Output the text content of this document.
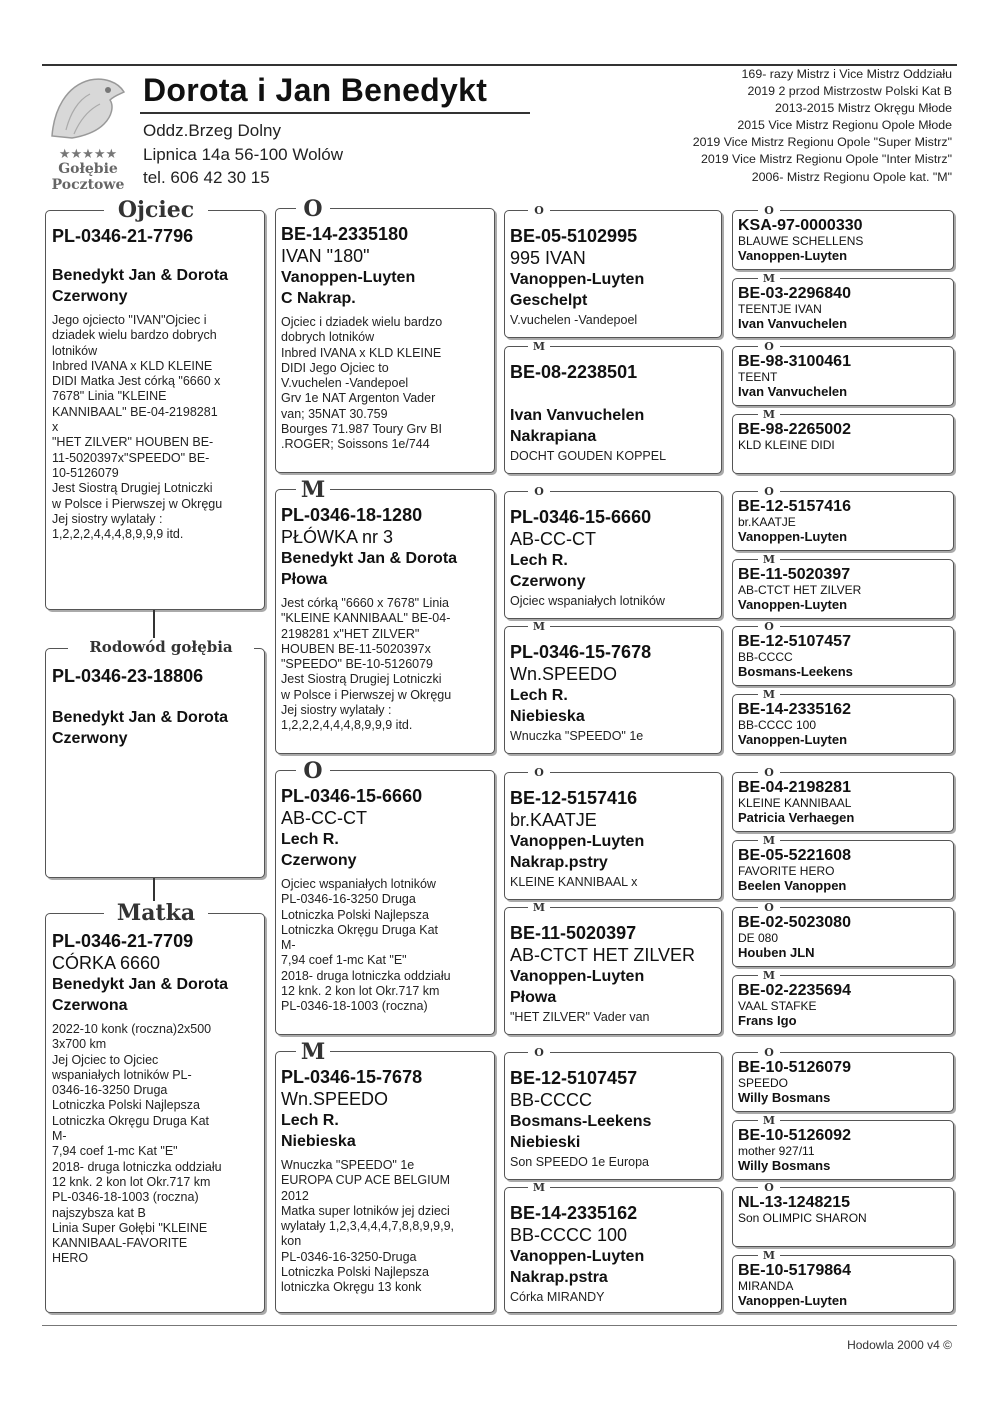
★★★★★
Gołębie
Pocztowe
Dorota i Jan Benedykt
Oddz.Brzeg Dolny
Lipnica 14a 56-100 Wolów
tel. 606 42 30 15
169- razy Mistrz i Vice Mistrz Oddziału
2019 2 przod Mistrzostw Polski Kat B
2013-2015 Mistrz Okręgu Młode
2015 Vice Mistrz Regionu Opole Młode
2019 Vice Mistrz Regionu Opole "Super Mistrz"
2019 Vice Mistrz Regionu Opole "Inter Mistrz"
2006- Mistrz Regionu Opole kat. "M"
PL-0346-21-7796
Benedykt Jan & Dorota
Czerwony

Jego ojciecto "IVAN"Ojciec i

dziadek wielu bardzo dobrych

lotników

Inbred IVANA x KLD KLEINE

DIDI Matka Jest córką "6660 x

7678" Linia "KLEINE

KANNIBAAL" BE-04-2198281

x

"HET ZILVER" HOUBEN BE-

11-5020397x"SPEEDO" BE-

10-5126079

Jest Siostrą Drugiej Lotniczki

w Polsce i Pierwszej w Okręgu

Jej siostry wylatały :

1,2,2,2,4,4,4,8,9,9,9 itd.

Ojciec
PL-0346-23-18806
Benedykt Jan & Dorota
Czerwony
Rodowód gołębia
PL-0346-21-7709
CÓRKA 6660
Benedykt Jan & Dorota
Czerwona

2022-10 konk (roczna)2x500

3x700 km

Jej Ojciec to Ojciec

wspaniałych lotników PL-

0346-16-3250 Druga

Lotniczka Polski Najlepsza

Lotniczka Okręgu Druga Kat

M-

7,94 coef 1-mc Kat "E"

2018- druga lotniczka oddziału

12 knk. 2 kon lot Okr.717 km

PL-0346-18-1003 (roczna)

najszybsza kat B

Linia Super Gołębi "KLEINE

KANNIBAAL-FAVORITE

HERO

Matka
BE-14-2335180
IVAN "180"
Vanoppen-Luyten
C Nakrap.

Ojciec i dziadek wielu bardzo

dobrych lotników

Inbred IVANA x KLD KLEINE

DIDI Jego Ojciec to

V.vuchelen -Vandepoel

Grv 1e NAT Argenton Vader

van; 35NAT 30.759

Bourges 71.987 Toury Grv BI

.ROGER; Soissons 1e/744

O
PL-0346-18-1280
PŁÓWKA nr 3
Benedykt Jan & Dorota
Płowa

Jest córką "6660 x 7678" Linia

"KLEINE KANNIBAAL" BE-04-

2198281 x"HET ZILVER"

HOUBEN BE-11-5020397x

"SPEEDO" BE-10-5126079

Jest Siostrą Drugiej Lotniczki

w Polsce i Pierwszej w Okręgu

Jej siostry wylatały :

1,2,2,2,4,4,4,8,9,9,9 itd.

M
PL-0346-15-6660
AB-CC-CT
Lech R.
Czerwony

Ojciec wspaniałych lotników

PL-0346-16-3250 Druga

Lotniczka Polski Najlepsza

Lotniczka Okręgu Druga Kat

M-

7,94 coef 1-mc Kat "E"

2018- druga lotniczka oddziału

12 knk. 2 kon lot Okr.717 km

PL-0346-18-1003 (roczna)

O
PL-0346-15-7678
Wn.SPEEDO
Lech R.
Niebieska

Wnuczka "SPEEDO" 1e

EUROPA CUP ACE BELGIUM

2012

Matka super lotników jej dzieci

wylatały 1,2,3,4,4,4,7,8,8,9,9,9,

kon

PL-0346-16-3250-Druga

Lotniczka Polski Najlepsza

lotniczka Okręgu 13 konk

M
BE-05-5102995
995 IVAN
Vanoppen-Luyten
Geschelpt
V.vuchelen -Vandepoel
O
BE-08-2238501
Ivan Vanvuchelen
Nakrapiana
DOCHT GOUDEN KOPPEL
M
PL-0346-15-6660
AB-CC-CT
Lech R.
Czerwony
Ojciec wspaniałych lotników
O
PL-0346-15-7678
Wn.SPEEDO
Lech R.
Niebieska
Wnuczka "SPEEDO" 1e
M
BE-12-5157416
br.KAATJE
Vanoppen-Luyten
Nakrap.pstry
KLEINE KANNIBAAL x
O
BE-11-5020397
AB-CTCT HET ZILVER
Vanoppen-Luyten
Płowa
"HET ZILVER" Vader van
M
BE-12-5107457
BB-CCCC
Bosmans-Leekens
Niebieski
Son SPEEDO 1e Europa
O
BE-14-2335162
BB-CCCC 100
Vanoppen-Luyten
Nakrap.pstra
Córka MIRANDY
M
KSA-97-0000330
BLAUWE SCHELLENS
Vanoppen-Luyten
O
BE-03-2296840
TEENTJE IVAN
Ivan Vanvuchelen
M
BE-98-3100461
TEENT
Ivan Vanvuchelen
O
BE-98-2265002
KLD KLEINE DIDI
M
BE-12-5157416
br.KAATJE
Vanoppen-Luyten
O
BE-11-5020397
AB-CTCT HET ZILVER
Vanoppen-Luyten
M
BE-12-5107457
BB-CCCC
Bosmans-Leekens
O
BE-14-2335162
BB-CCCC 100
Vanoppen-Luyten
M
BE-04-2198281
KLEINE KANNIBAAL
Patricia Verhaegen
O
BE-05-5221608
FAVORITE HERO
Beelen Vanoppen
M
BE-02-5023080
DE 080
Houben JLN
O
BE-02-2235694
VAAL STAFKE
Frans Igo
M
BE-10-5126079
SPEEDO
Willy Bosmans
O
BE-10-5126092
mother 927/11
Willy Bosmans
M
NL-13-1248215
Son OLIMPIC SHARON
O
BE-10-5179864
MIRANDA
Vanoppen-Luyten
M
Hodowla 2000 v4 ©
